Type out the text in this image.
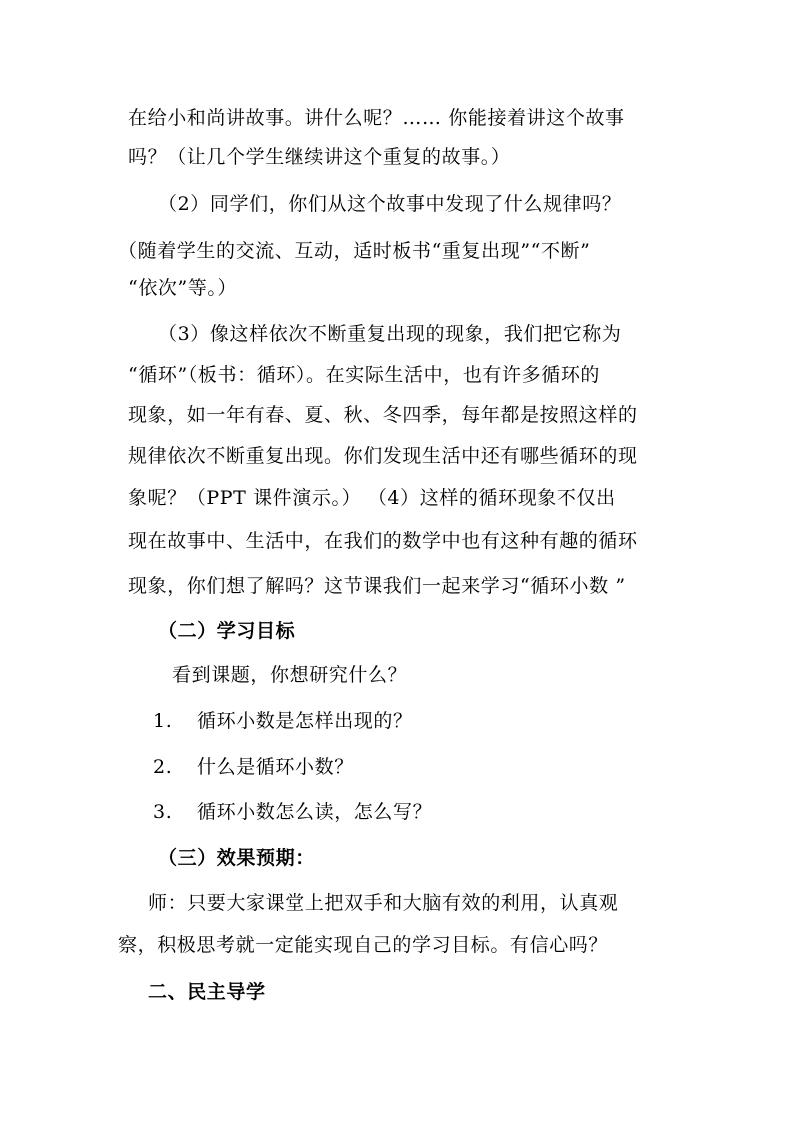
在给小和尚讲故事。讲什么呢？…… 你能接着讲这个故事
吗？（让几个学生继续讲这个重复的故事。）
（2）同学们，你们从这个故事中发现了什么规律吗？
（随着学生的交流、互动，适时板书“重复出现”“不断”
“依次”等。）
（3）像这样依次不断重复出现的现象，我们把它称为
“循环”（板书：循环）。在实际生活中，也有许多循环的
现象，如一年有春、夏、秋、冬四季，每年都是按照这样的
规律依次不断重复出现。你们发现生活中还有哪些循环的现
象呢？（PPT 课件演示。） （4）这样的循环现象不仅出
现在故事中、生活中，在我们的数学中也有这种有趣的循环
现象，你们想了解吗？这节课我们一起来学习“循环小数 ”
（二）学习目标
看到课题，你想研究什么？
1. 循环小数是怎样出现的？
2. 什么是循环小数？
3. 循环小数怎么读，怎么写？
（三）效果预期：
师：只要大家课堂上把双手和大脑有效的利用，认真观
察，积极思考就一定能实现自己的学习目标。有信心吗？
二、民主导学
